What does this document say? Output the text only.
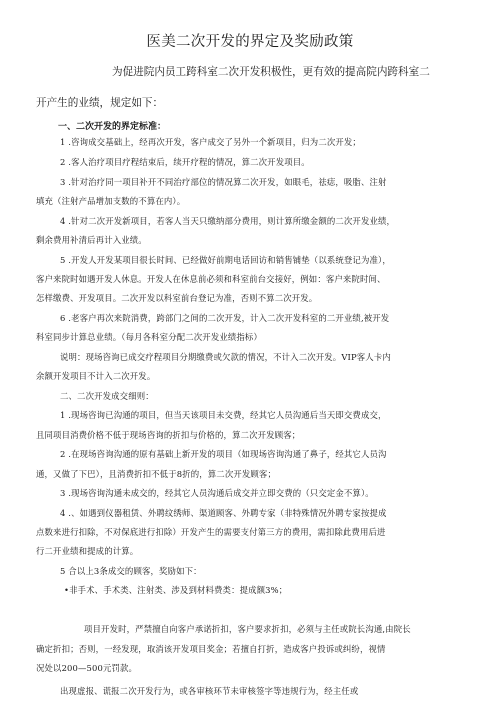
医美二次开发的界定及奖励政策
为促进院内员工跨科室二次开发积极性，更有效的提高院内跨科室二
开产生的业绩，规定如下：
一、二次开发的界定标准：
1 .咨询成交基础上，经再次开发，客户成交了另外一个新项目，归为二次开发；
2 .客人治疗项目疗程结束后，续开疗程的情况，算二次开发项目。
3 .针对治疗同一项目补开不同治疗部位的情况算二次开发，如眼毛，祛痣，吸脂、注射
填充（注射产品增加支数的不算在内）。
4 .针对二次开发新项目，若客人当天只缴纳部分费用，则计算所缴金额的二次开发业绩，
剩余费用补清后再计入业绩。
5 .开发人开发某项目很长时间、已经做好前期电话回访和销售铺垫（以系统登记为准），
客户来院时如遇开发人休息。开发人在休息前必须和科室前台交接好，例如：客户来院时间、
怎样缴费、开发项目。二次开发以科室前台登记为准，否则不算二次开发。
6 .老客户再次来院消费，跨部门之间的二次开发，计入二次开发科室的二开业绩,被开发
科室同步计算总业绩。（每月各科室分配二次开发业绩指标）
说明：现场咨询已成交疗程项目分期缴费或欠款的情况，不计入二次开发。VIP客人卡内
余额开发项目不计入二次开发。
二、二次开发成交细则：
1 .现场咨询已沟通的项目，但当天该项目未交费，经其它人员沟通后当天即交费成交，
且同项目消费价格不低于现场咨询的折扣与价格的，算二次开发顾客；
2 .在现场咨询沟通的原有基础上新开发的项目（如现场咨询沟通了鼻子，经其它人员沟
通，又做了下巴），且消费折扣不低于8折的，算二次开发顾客；
3 .现场咨询沟通未成交的，经其它人员沟通后成交并立即交费的（只交定金不算）。
4 .、如遇到仪器租赁、外聘纹绣师、渠道顾客、外聘专家（非特殊情况外聘专家按提成
点数来进行扣除，不对保底进行扣除）开发产生的需要支付第三方的费用，需扣除此费用后进
行二开业绩和提成的计算。
5 合以上3条成交的顾客，奖励如下：
•非手术、手术类、注射类、涉及到材料费类：提成额3%；
项目开发时，严禁擅自向客户承诺折扣，客户要求折扣，必须与主任或院长沟通,由院长
确定折扣；否则，一经发现，取消该开发项目奖金；若擅自打折，造成客户投诉或纠纷，视情
况处以200—500元罚款。
出现虚报、谎报二次开发行为，或各审核环节未审核签字等违规行为，经主任或
